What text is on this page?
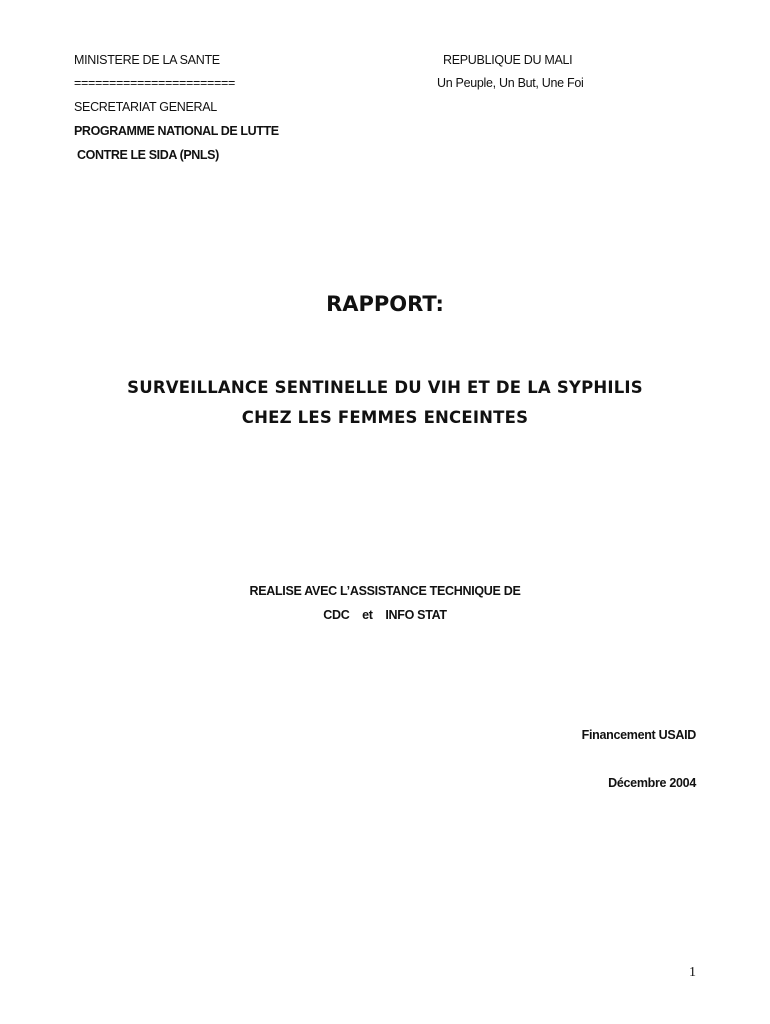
MINISTERE DE LA SANTE
=======================
SECRETARIAT GENERAL
PROGRAMME NATIONAL DE LUTTE
CONTRE LE SIDA (PNLS)
REPUBLIQUE DU MALI
Un Peuple, Un But, Une Foi
RAPPORT:
SURVEILLANCE SENTINELLE DU VIH ET DE LA SYPHILIS
CHEZ LES FEMMES ENCEINTES
REALISE AVEC L’ASSISTANCE TECHNIQUE DE
CDC    et    INFO STAT
Financement USAID
Décembre 2004
1
